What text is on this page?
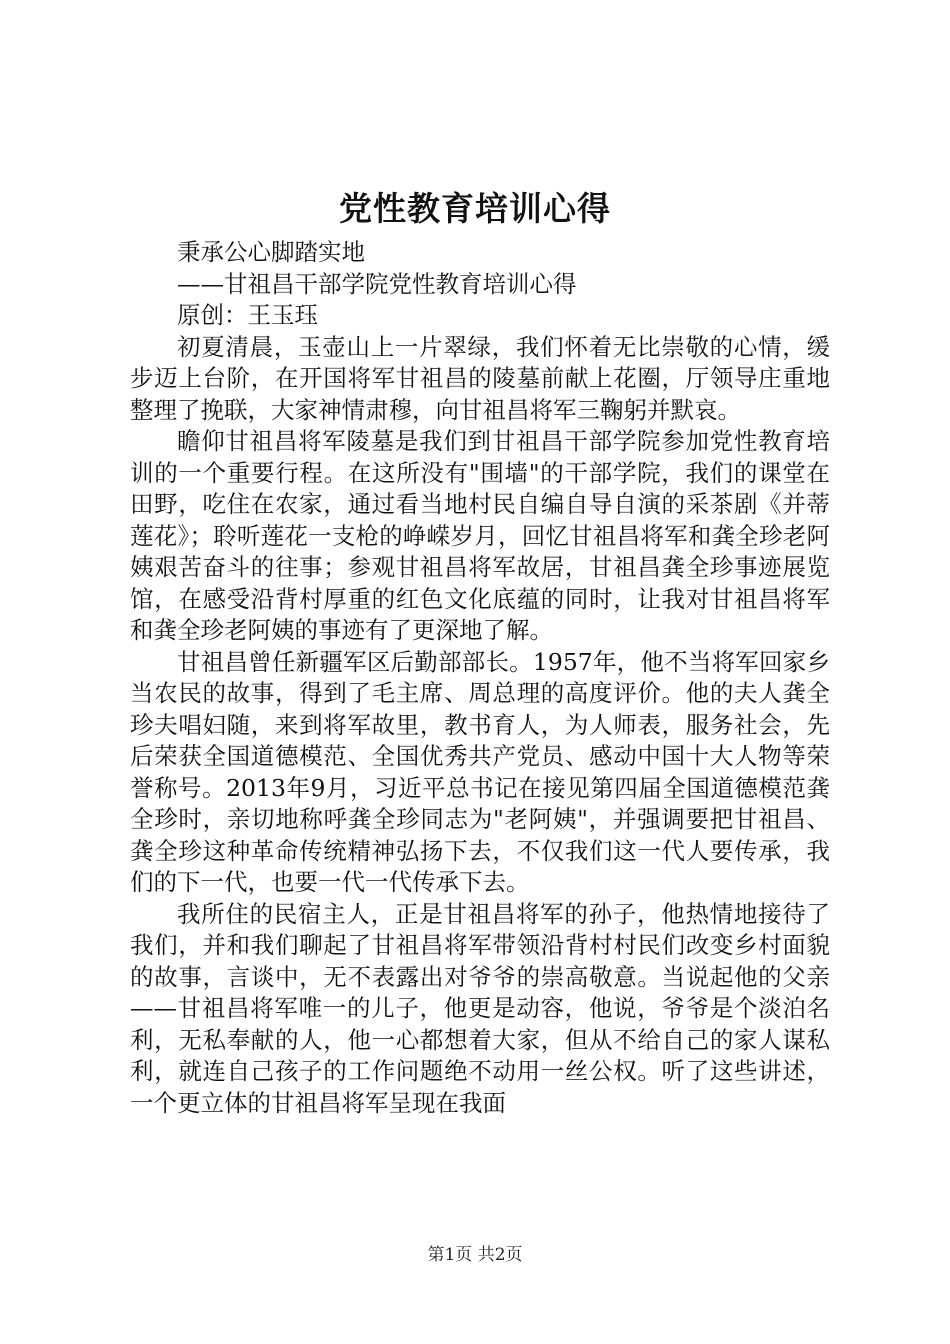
党性教育培训心得

秉承公心脚踏实地

——甘祖昌干部学院党性教育培训心得

原创：王玉珏

初夏清晨，玉壶山上一片翠绿，我们怀着无比崇敬的心情，缓步迈上台阶，在开国将军甘祖昌的陵墓前献上花圈，厅领导庄重地整理了挽联，大家神情肃穆，向甘祖昌将军三鞠躬并默哀。

瞻仰甘祖昌将军陵墓是我们到甘祖昌干部学院参加党性教育培训的一个重要行程。在这所没有"围墙"的干部学院，我们的课堂在田野，吃住在农家，通过看当地村民自编自导自演的采茶剧《并蒂莲花》；聆听莲花一支枪的峥嵘岁月，回忆甘祖昌将军和龚全珍老阿姨艰苦奋斗的往事；参观甘祖昌将军故居，甘祖昌龚全珍事迹展览馆，在感受沿背村厚重的红色文化底蕴的同时，让我对甘祖昌将军和龚全珍老阿姨的事迹有了更深地了解。

甘祖昌曾任新疆军区后勤部部长。1957年，他不当将军回家乡当农民的故事，得到了毛主席、周总理的高度评价。他的夫人龚全珍夫唱妇随，来到将军故里，教书育人，为人师表，服务社会，先后荣获全国道德模范、全国优秀共产党员、感动中国十大人物等荣誉称号。2013年9月，习近平总书记在接见第四届全国道德模范龚全珍时，亲切地称呼龚全珍同志为"老阿姨"，并强调要把甘祖昌、龚全珍这种革命传统精神弘扬下去，不仅我们这一代人要传承，我们的下一代，也要一代一代传承下去。

我所住的民宿主人，正是甘祖昌将军的孙子，他热情地接待了我们，并和我们聊起了甘祖昌将军带领沿背村村民们改变乡村面貌的故事，言谈中，无不表露出对爷爷的崇高敬意。当说起他的父亲——甘祖昌将军唯一的儿子，他更是动容，他说，爷爷是个淡泊名利，无私奉献的人，他一心都想着大家，但从不给自己的家人谋私利，就连自己孩子的工作问题绝不动用一丝公权。听了这些讲述，一个更立体的甘祖昌将军呈现在我面

第1页 共2页
